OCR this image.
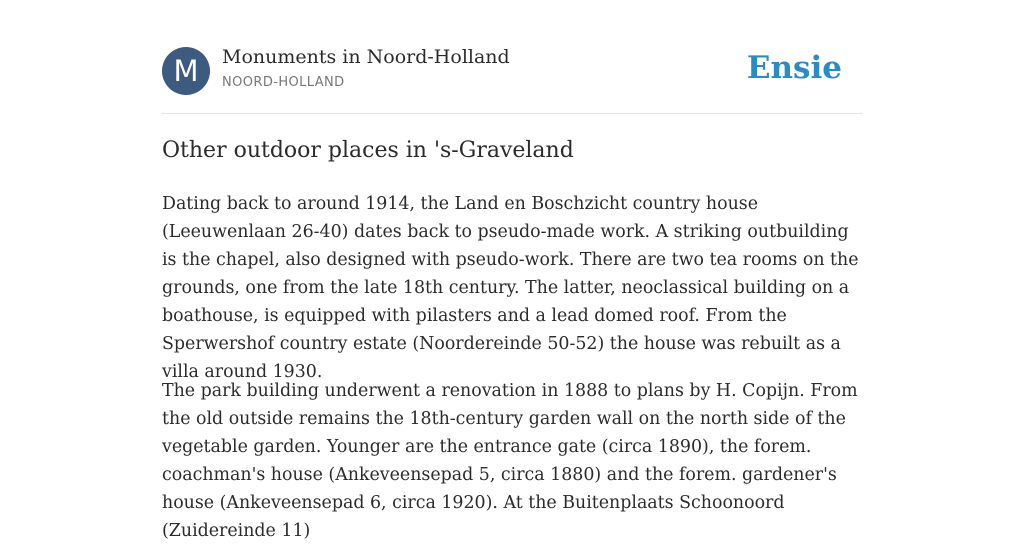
M	Monuments in Noord-Holland
NOORD-HOLLAND	Ensie
Other outdoor places in 's-Graveland

Dating back to around 1914, the Land en Boschzicht country house (Leeuwenlaan 26-40) dates back to pseudo-made work. A striking outbuilding is the chapel, also designed with pseudo-work. There are two tea rooms on the grounds, one from the late 18th century. The latter, neoclassical building on a boathouse, is equipped with pilasters and a lead domed roof. From the Sperwershof country estate (Noordereinde 50-52) the house was rebuilt as a villa around 1930.

The park building underwent a renovation in 1888 to plans by H. Copijn. From the old outside remains the 18th-century garden wall on the north side of the vegetable garden. Younger are the entrance gate (circa 1890), the forem. coachman's house (Ankeveensepad 5, circa 1880) and the forem. gardener's house (Ankeveensepad 6, circa 1920). At the Buitenplaats Schoonoord (Zuidereinde 11)
